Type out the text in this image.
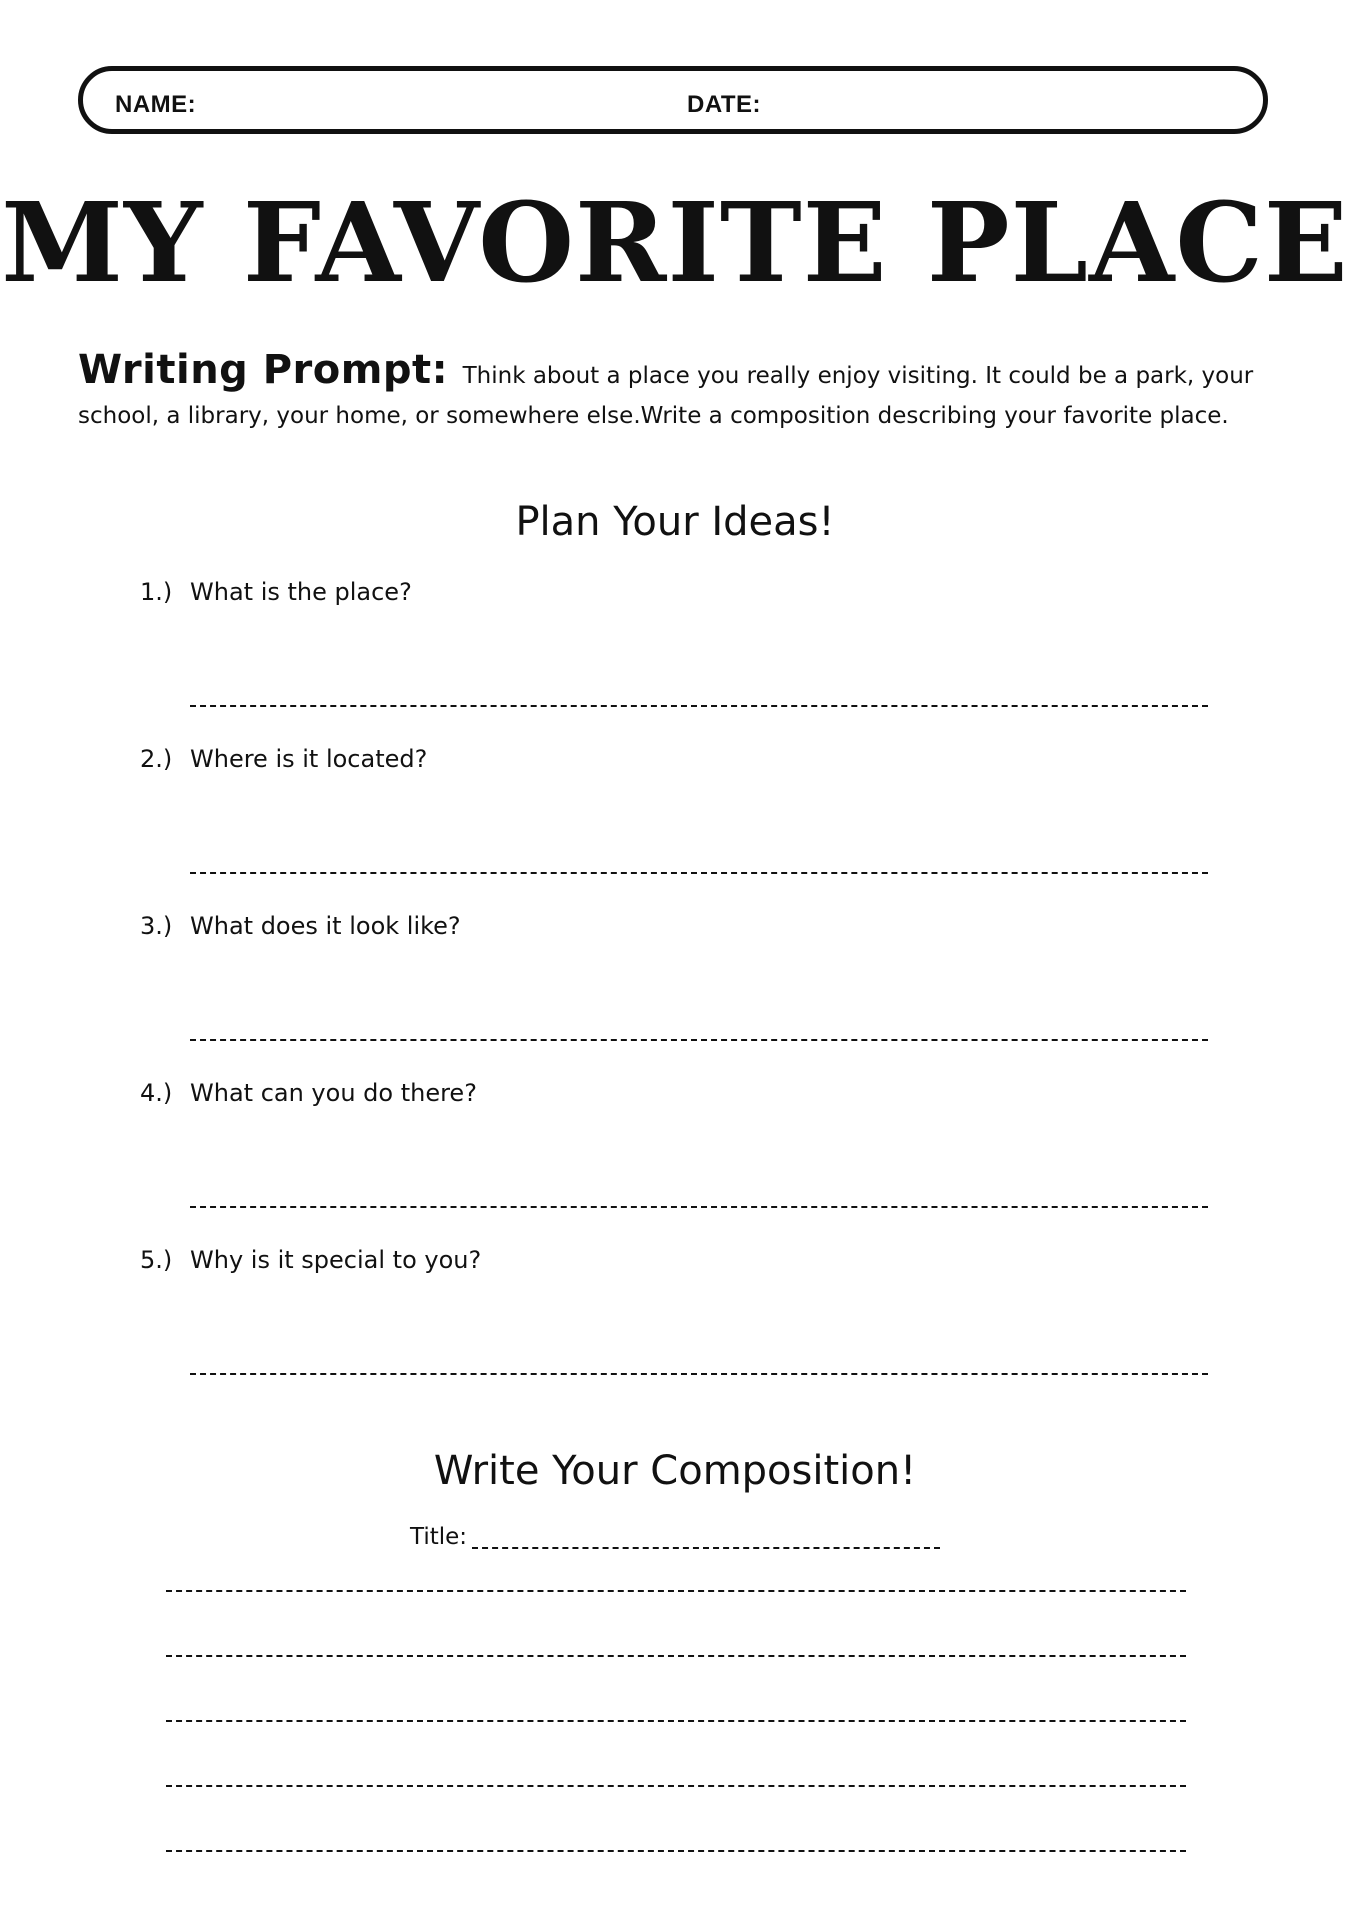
NAME:	DATE:
MY FAVORITE PLACE
Writing Prompt: Think about a place you really enjoy visiting. It could be a park, your school, a library, your home, or somewhere else.Write a composition describing your favorite place.
Plan Your Ideas!
1.) What is the place?
2.) Where is it located?
3.) What does it look like?
4.) What can you do there?
5.) Why is it special to you?
Write Your Composition!
Title:
